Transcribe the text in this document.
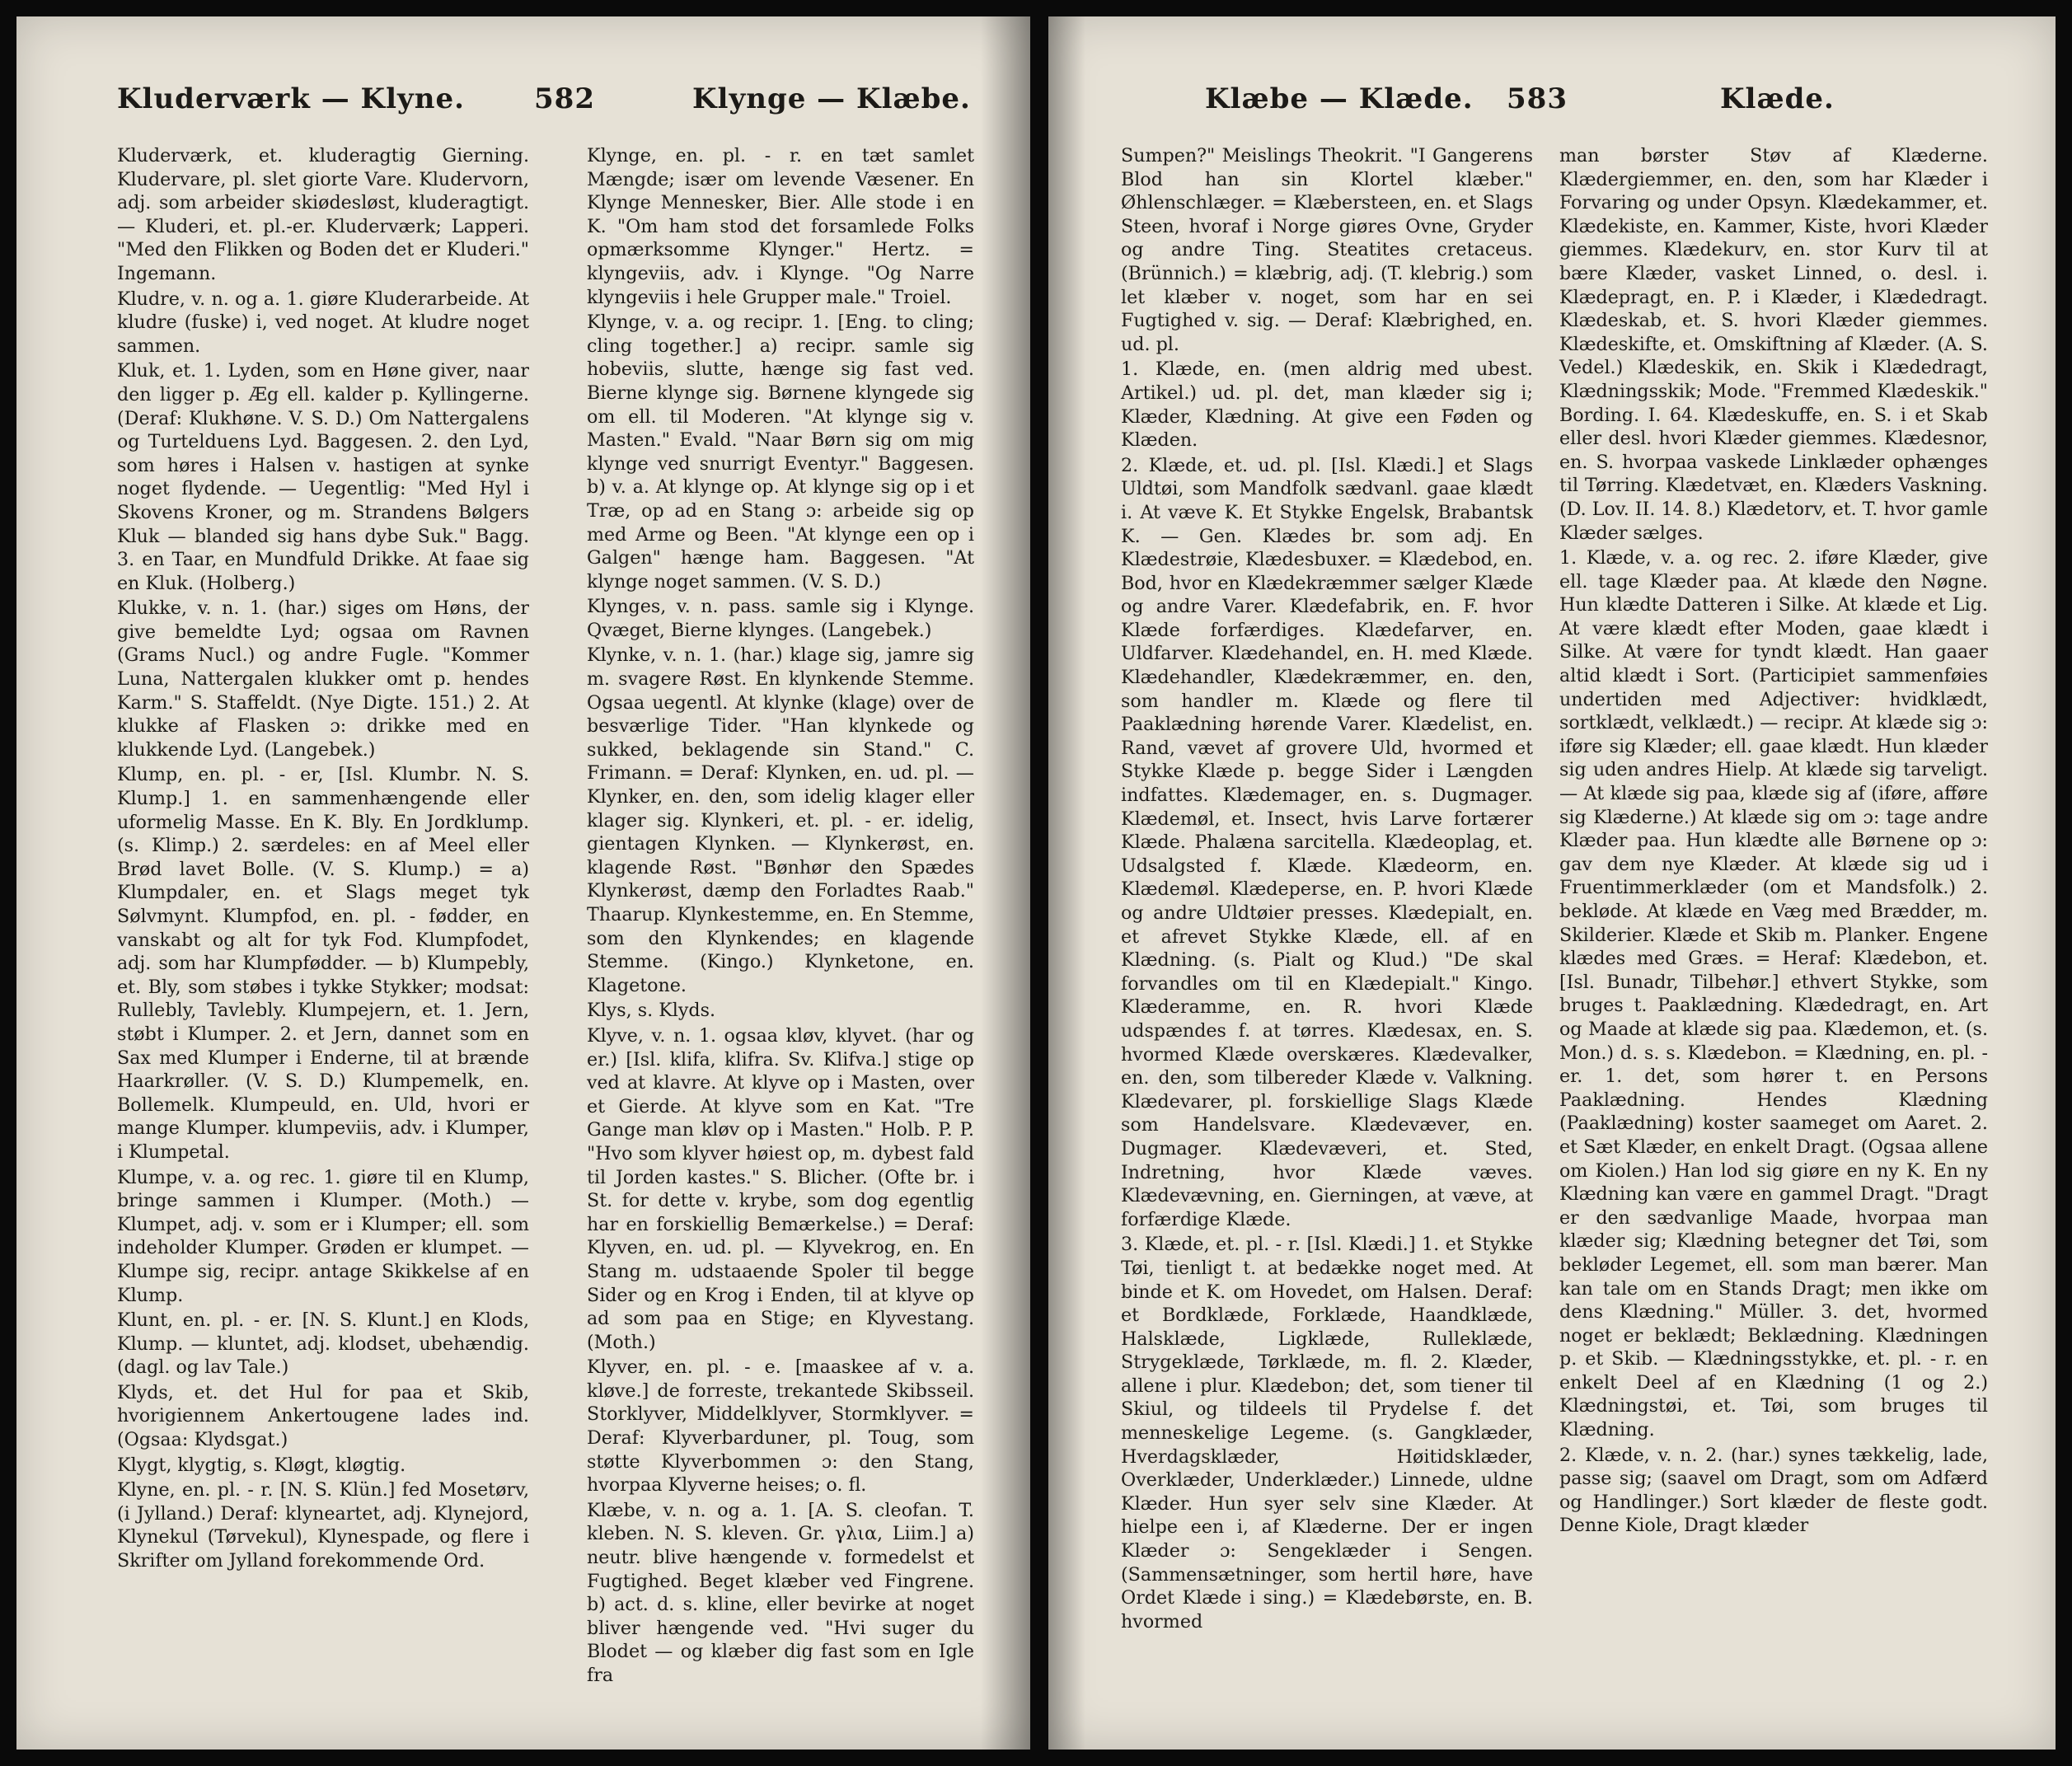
Kluderværk — Klyne. 582	Klynge — Klæbe.

Kluderværk, et. kluderagtig Gierning. Kludervare, pl. slet giorte Vare. Kludervorn, adj. som arbeider skiødesløst, kluderagtigt. — Kluderi, et. pl.-er. Kluderværk; Lapperi. "Med den Flikken og Boden det er Kluderi." Ingemann.

Kludre, v. n. og a. 1. giøre Kluderarbeide. At kludre (fuske) i, ved noget. At kludre noget sammen.

Kluk, et. 1. Lyden, som en Høne giver, naar den ligger p. Æg ell. kalder p. Kyllingerne. (Deraf: Klukhøne. V. S. D.) Om Nattergalens og Turtelduens Lyd. Baggesen. 2. den Lyd, som høres i Halsen v. hastigen at synke noget flydende. — Uegentlig: "Med Hyl i Skovens Kroner, og m. Strandens Bølgers Kluk — blanded sig hans dybe Suk." Bagg. 3. en Taar, en Mundfuld Drikke. At faae sig en Kluk. (Holberg.)

Klukke, v. n. 1. (har.) siges om Høns, der give bemeldte Lyd; ogsaa om Ravnen (Grams Nucl.) og andre Fugle. "Kommer Luna, Nattergalen klukker omt p. hendes Karm." S. Staffeldt. (Nye Digte. 151.) 2. At klukke af Flasken ɔ: drikke med en klukkende Lyd. (Langebek.)

Klump, en. pl. - er, [Isl. Klumbr. N. S. Klump.] 1. en sammenhængende eller uformelig Masse. En K. Bly. En Jordklump. (s. Klimp.) 2. særdeles: en af Meel eller Brød lavet Bolle. (V. S. Klump.) = a) Klumpdaler, en. et Slags meget tyk Sølvmynt. Klumpfod, en. pl. - fødder, en vanskabt og alt for tyk Fod. Klumpfodet, adj. som har Klumpfødder. — b) Klumpebly, et. Bly, som støbes i tykke Stykker; modsat: Rullebly, Tavlebly. Klumpejern, et. 1. Jern, støbt i Klumper. 2. et Jern, dannet som en Sax med Klumper i Enderne, til at brænde Haarkrøller. (V. S. D.) Klumpemelk, en. Bollemelk. Klumpeuld, en. Uld, hvori er mange Klumper. klumpeviis, adv. i Klumper, i Klumpetal.

Klumpe, v. a. og rec. 1. giøre til en Klump, bringe sammen i Klumper. (Moth.) — Klumpet, adj. v. som er i Klumper; ell. som indeholder Klumper. Grøden er klumpet. — Klumpe sig, recipr. antage Skikkelse af en Klump.

Klunt, en. pl. - er. [N. S. Klunt.] en Klods, Klump. — kluntet, adj. klodset, ubehændig. (dagl. og lav Tale.)

Klyds, et. det Hul for paa et Skib, hvorigiennem Ankertougene lades ind. (Ogsaa: Klydsgat.)

Klygt, klygtig, s. Kløgt, kløgtig.

Klyne, en. pl. - r. [N. S. Klün.] fed Mosetørv, (i Jylland.) Deraf: klyneartet, adj. Klynejord, Klynekul (Tørvekul), Klynespade, og flere i Skrifter om Jylland forekommende Ord.

Klynge, en. pl. - r. en tæt samlet Mængde; især om levende Væsener. En Klynge Mennesker, Bier. Alle stode i en K. "Om ham stod det forsamlede Folks opmærksomme Klynger." Hertz. = klyngeviis, adv. i Klynge. "Og Narre klyngeviis i hele Grupper male." Troiel.

Klynge, v. a. og recipr. 1. [Eng. to cling; cling together.] a) recipr. samle sig hobeviis, slutte, hænge sig fast ved. Bierne klynge sig. Børnene klyngede sig om ell. til Moderen. "At klynge sig v. Masten." Evald. "Naar Børn sig om mig klynge ved snurrigt Eventyr." Baggesen. b) v. a. At klynge op. At klynge sig op i et Træ, op ad en Stang ɔ: arbeide sig op med Arme og Been. "At klynge een op i Galgen" hænge ham. Baggesen. "At klynge noget sammen. (V. S. D.)

Klynges, v. n. pass. samle sig i Klynge. Qvæget, Bierne klynges. (Langebek.)

Klynke, v. n. 1. (har.) klage sig, jamre sig m. svagere Røst. En klynkende Stemme. Ogsaa uegentl. At klynke (klage) over de besværlige Tider. "Han klynkede og sukked, beklagende sin Stand." C. Frimann. = Deraf: Klynken, en. ud. pl. — Klynker, en. den, som idelig klager eller klager sig. Klynkeri, et. pl. - er. idelig, gientagen Klynken. — Klynkerøst, en. klagende Røst. "Bønhør den Spædes Klynkerøst, dæmp den Forladtes Raab." Thaarup. Klynkestemme, en. En Stemme, som den Klynkendes; en klagende Stemme. (Kingo.) Klynketone, en. Klagetone.

Klys, s. Klyds.

Klyve, v. n. 1. ogsaa kløv, klyvet. (har og er.) [Isl. klifa, klifra. Sv. Klifva.] stige op ved at klavre. At klyve op i Masten, over et Gierde. At klyve som en Kat. "Tre Gange man kløv op i Masten." Holb. P. P. "Hvo som klyver høiest op, m. dybest fald til Jorden kastes." S. Blicher. (Ofte br. i St. for dette v. krybe, som dog egentlig har en forskiellig Bemærkelse.) = Deraf: Klyven, en. ud. pl. — Klyvekrog, en. En Stang m. udstaaende Spoler til begge Sider og en Krog i Enden, til at klyve op ad som paa en Stige; en Klyvestang. (Moth.)

Klyver, en. pl. - e. [maaskee af v. a. kløve.] de forreste, trekantede Skibsseil. Storklyver, Middelklyver, Stormklyver. = Deraf: Klyverbarduner, pl. Toug, som støtte Klyverbommen ɔ: den Stang, hvorpaa Klyverne heises; o. fl.

Klæbe, v. n. og a. 1. [A. S. cleofan. T. kleben. N. S. kleven. Gr. γλια, Liim.] a) neutr. blive hængende v. formedelst et Fugtighed. Beget klæber ved Fingrene. b) act. d. s. kline, eller bevirke at noget bliver hængende ved. "Hvi suger du Blodet — og klæber dig fast som en Igle fra

Klæbe — Klæde. 583	Klæde.

Sumpen?" Meislings Theokrit. "I Gangerens Blod han sin Klortel klæber." Øhlenschlæger. = Klæbersteen, en. et Slags Steen, hvoraf i Norge giøres Ovne, Gryder og andre Ting. Steatites cretaceus. (Brünnich.) = klæbrig, adj. (T. klebrig.) som let klæber v. noget, som har en sei Fugtighed v. sig. — Deraf: Klæbrighed, en. ud. pl.

1. Klæde, en. (men aldrig med ubest. Artikel.) ud. pl. det, man klæder sig i; Klæder, Klædning. At give een Føden og Klæden.

2. Klæde, et. ud. pl. [Isl. Klædi.] et Slags Uldtøi, som Mandfolk sædvanl. gaae klædt i. At væve K. Et Stykke Engelsk, Brabantsk K. — Gen. Klædes br. som adj. En Klædestrøie, Klædesbuxer. = Klædebod, en. Bod, hvor en Klædekræmmer sælger Klæde og andre Varer. Klædefabrik, en. F. hvor Klæde forfærdiges. Klædefarver, en. Uldfarver. Klædehandel, en. H. med Klæde. Klædehandler, Klædekræmmer, en. den, som handler m. Klæde og flere til Paaklædning hørende Varer. Klædelist, en. Rand, vævet af grovere Uld, hvormed et Stykke Klæde p. begge Sider i Længden indfattes. Klædemager, en. s. Dugmager. Klædemøl, et. Insect, hvis Larve fortærer Klæde. Phalæna sarcitella. Klædeoplag, et. Udsalgsted f. Klæde. Klædeorm, en. Klædemøl. Klædeperse, en. P. hvori Klæde og andre Uldtøier presses. Klædepialt, en. et afrevet Stykke Klæde, ell. af en Klædning. (s. Pialt og Klud.) "De skal forvandles om til en Klædepialt." Kingo. Klæderamme, en. R. hvori Klæde udspændes f. at tørres. Klædesax, en. S. hvormed Klæde overskæres. Klædevalker, en. den, som tilbereder Klæde v. Valkning. Klædevarer, pl. forskiellige Slags Klæde som Handelsvare. Klædevæver, en. Dugmager. Klædevæveri, et. Sted, Indretning, hvor Klæde væves. Klædevævning, en. Gierningen, at væve, at forfærdige Klæde.

3. Klæde, et. pl. - r. [Isl. Klædi.] 1. et Stykke Tøi, tienligt t. at bedække noget med. At binde et K. om Hovedet, om Halsen. Deraf: et Bordklæde, Forklæde, Haandklæde, Halsklæde, Ligklæde, Rulleklæde, Strygeklæde, Tørklæde, m. fl. 2. Klæder, allene i plur. Klædebon; det, som tiener til Skiul, og tildeels til Prydelse f. det menneskelige Legeme. (s. Gangklæder, Hverdagsklæder, Høitidsklæder, Overklæder, Underklæder.) Linnede, uldne Klæder. Hun syer selv sine Klæder. At hielpe een i, af Klæderne. Der er ingen Klæder ɔ: Sengeklæder i Sengen. (Sammensætninger, som hertil høre, have Ordet Klæde i sing.) = Klædebørste, en. B. hvormed

man børster Støv af Klæderne. Klædergiemmer, en. den, som har Klæder i Forvaring og under Opsyn. Klædekammer, et. Klædekiste, en. Kammer, Kiste, hvori Klæder giemmes. Klædekurv, en. stor Kurv til at bære Klæder, vasket Linned, o. desl. i. Klædepragt, en. P. i Klæder, i Klædedragt. Klædeskab, et. S. hvori Klæder giemmes. Klædeskifte, et. Omskiftning af Klæder. (A. S. Vedel.) Klædeskik, en. Skik i Klædedragt, Klædningsskik; Mode. "Fremmed Klædeskik." Bording. I. 64. Klædeskuffe, en. S. i et Skab eller desl. hvori Klæder giemmes. Klædesnor, en. S. hvorpaa vaskede Linklæder ophænges til Tørring. Klædetvæt, en. Klæders Vaskning. (D. Lov. II. 14. 8.) Klædetorv, et. T. hvor gamle Klæder sælges.

1. Klæde, v. a. og rec. 2. iføre Klæder, give ell. tage Klæder paa. At klæde den Nøgne. Hun klædte Datteren i Silke. At klæde et Lig. At være klædt efter Moden, gaae klædt i Silke. At være for tyndt klædt. Han gaaer altid klædt i Sort. (Participiet sammenføies undertiden med Adjectiver: hvidklædt, sortklædt, velklædt.) — recipr. At klæde sig ɔ: iføre sig Klæder; ell. gaae klædt. Hun klæder sig uden andres Hielp. At klæde sig tarveligt. — At klæde sig paa, klæde sig af (iføre, afføre sig Klæderne.) At klæde sig om ɔ: tage andre Klæder paa. Hun klædte alle Børnene op ɔ: gav dem nye Klæder. At klæde sig ud i Fruentimmerklæder (om et Mandsfolk.) 2. bekløde. At klæde en Væg med Brædder, m. Skilderier. Klæde et Skib m. Planker. Engene klædes med Græs. = Heraf: Klædebon, et. [Isl. Bunadr, Tilbehør.] ethvert Stykke, som bruges t. Paaklædning. Klædedragt, en. Art og Maade at klæde sig paa. Klædemon, et. (s. Mon.) d. s. s. Klædebon. = Klædning, en. pl. - er. 1. det, som hører t. en Persons Paaklædning. Hendes Klædning (Paaklædning) koster saameget om Aaret. 2. et Sæt Klæder, en enkelt Dragt. (Ogsaa allene om Kiolen.) Han lod sig giøre en ny K. En ny Klædning kan være en gammel Dragt. "Dragt er den sædvanlige Maade, hvorpaa man klæder sig; Klædning betegner det Tøi, som bekløder Legemet, ell. som man bærer. Man kan tale om en Stands Dragt; men ikke om dens Klædning." Müller. 3. det, hvormed noget er beklædt; Beklædning. Klædningen p. et Skib. — Klædningsstykke, et. pl. - r. en enkelt Deel af en Klædning (1 og 2.) Klædningstøi, et. Tøi, som bruges til Klædning.

2. Klæde, v. n. 2. (har.) synes tækkelig, lade, passe sig; (saavel om Dragt, som om Adfærd og Handlinger.) Sort klæder de fleste godt. Denne Kiole, Dragt klæder
